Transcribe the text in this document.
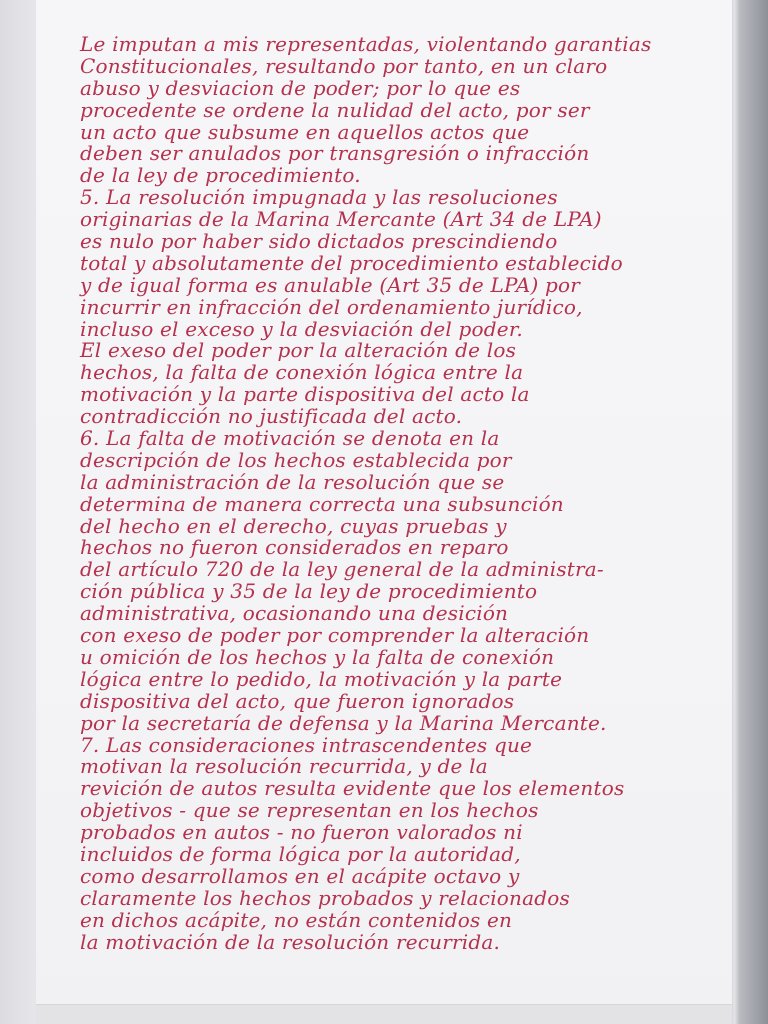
Le imputan a mis representadas, violentando garantias
Constitucionales, resultando por tanto, en un claro
abuso y desviacion de poder; por lo que es
procedente se ordene la nulidad del acto, por ser
un acto que subsume en aquellos actos que
deben ser anulados por transgresión o infracción
de la ley de procedimiento.
5. La resolución impugnada y las resoluciones
originarias de la Marina Mercante (Art 34 de LPA)
es nulo por haber sido dictados prescindiendo
total y absolutamente del procedimiento establecido
y de igual forma es anulable (Art 35 de LPA) por
incurrir en infracción del ordenamiento jurídico,
incluso el exceso y la desviación del poder.
El exeso del poder por la alteración de los
hechos, la falta de conexión lógica entre la
motivación y la parte dispositiva del acto la
contradicción no justificada del acto.
6. La falta de motivación se denota en la
descripción de los hechos establecida por
la administración de la resolución que se
determina de manera correcta una subsunción
del hecho en el derecho, cuyas pruebas y
hechos no fueron considerados en reparo
del artículo 720 de la ley general de la administra-
ción pública y 35 de la ley de procedimiento
administrativa, ocasionando una desición
con exeso de poder por comprender la alteración
u omición de los hechos y la falta de conexión
lógica entre lo pedido, la motivación y la parte
dispositiva del acto, que fueron ignorados
por la secretaría de defensa y la Marina Mercante.
7. Las consideraciones intrascendentes que
motivan la resolución recurrida, y de la
revición de autos resulta evidente que los elementos
objetivos - que se representan en los hechos
probados en autos - no fueron valorados ni
incluidos de forma lógica por la autoridad,
como desarrollamos en el acápite octavo y
claramente los hechos probados y relacionados
en dichos acápite, no están contenidos en
la motivación de la resolución recurrida.
